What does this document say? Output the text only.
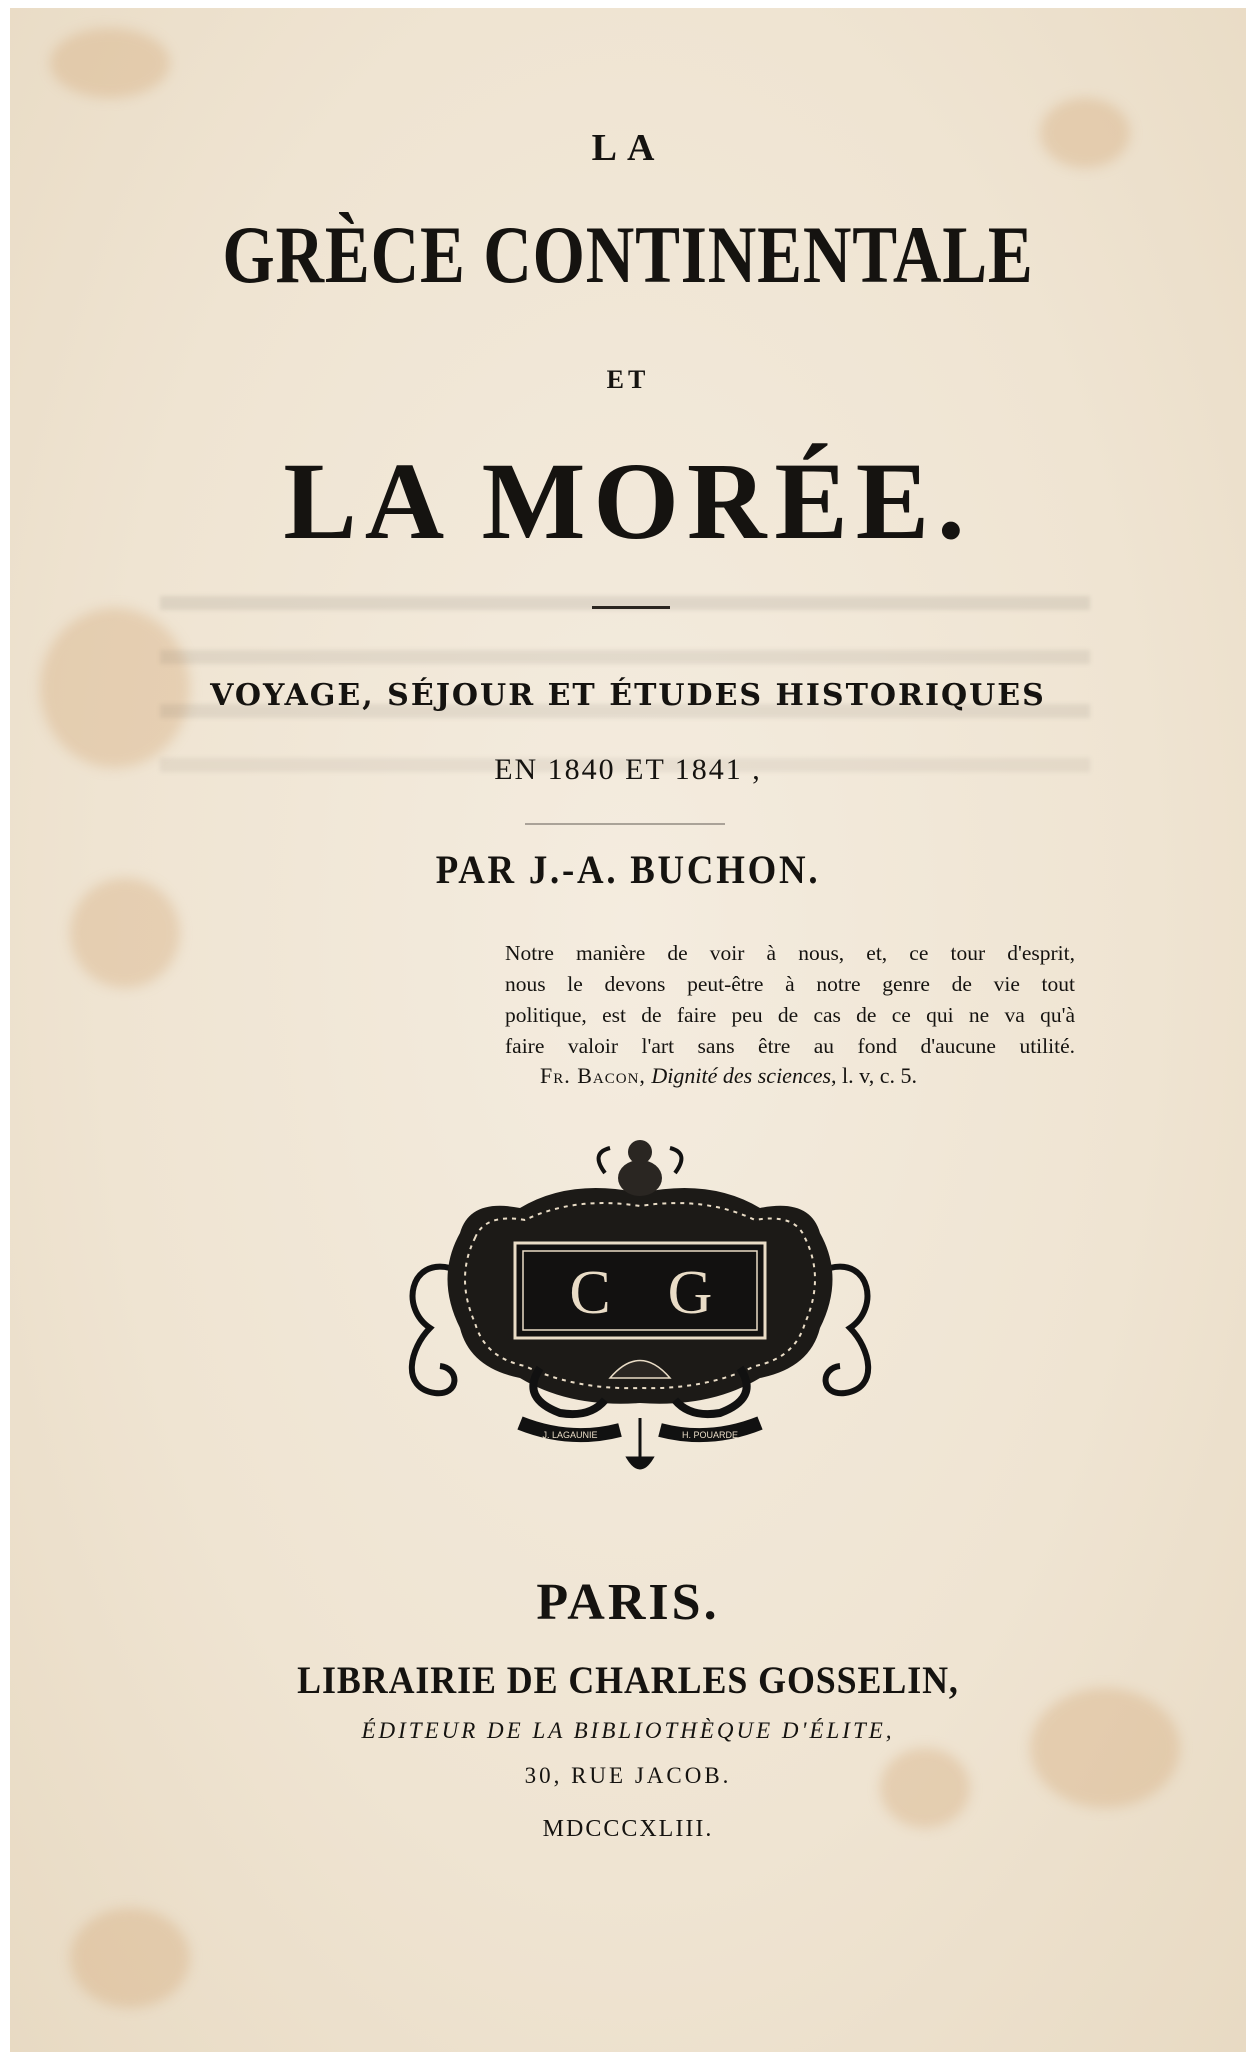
LA
GRÈCE CONTINENTALE
ET
LA MORÉE.
VOYAGE, SÉJOUR ET ÉTUDES HISTORIQUES
EN 1840 ET 1841 ,
PAR J.-A. BUCHON.
Notre manière de voir à nous, et, ce tour d'esprit,
nous le devons peut-être à notre genre de vie tout
politique, est de faire peu de cas de ce qui ne va qu'à
faire valoir l'art sans être au fond d'aucune utilité.
Fr. Bacon, Dignité des sciences, l. v, c. 5.
C G
J. LAGAUNIE	H. POUARDE
PARIS.
LIBRAIRIE DE CHARLES GOSSELIN,
ÉDITEUR DE LA BIBLIOTHÈQUE D'ÉLITE,
30, RUE JACOB.
MDCCCXLIII.
